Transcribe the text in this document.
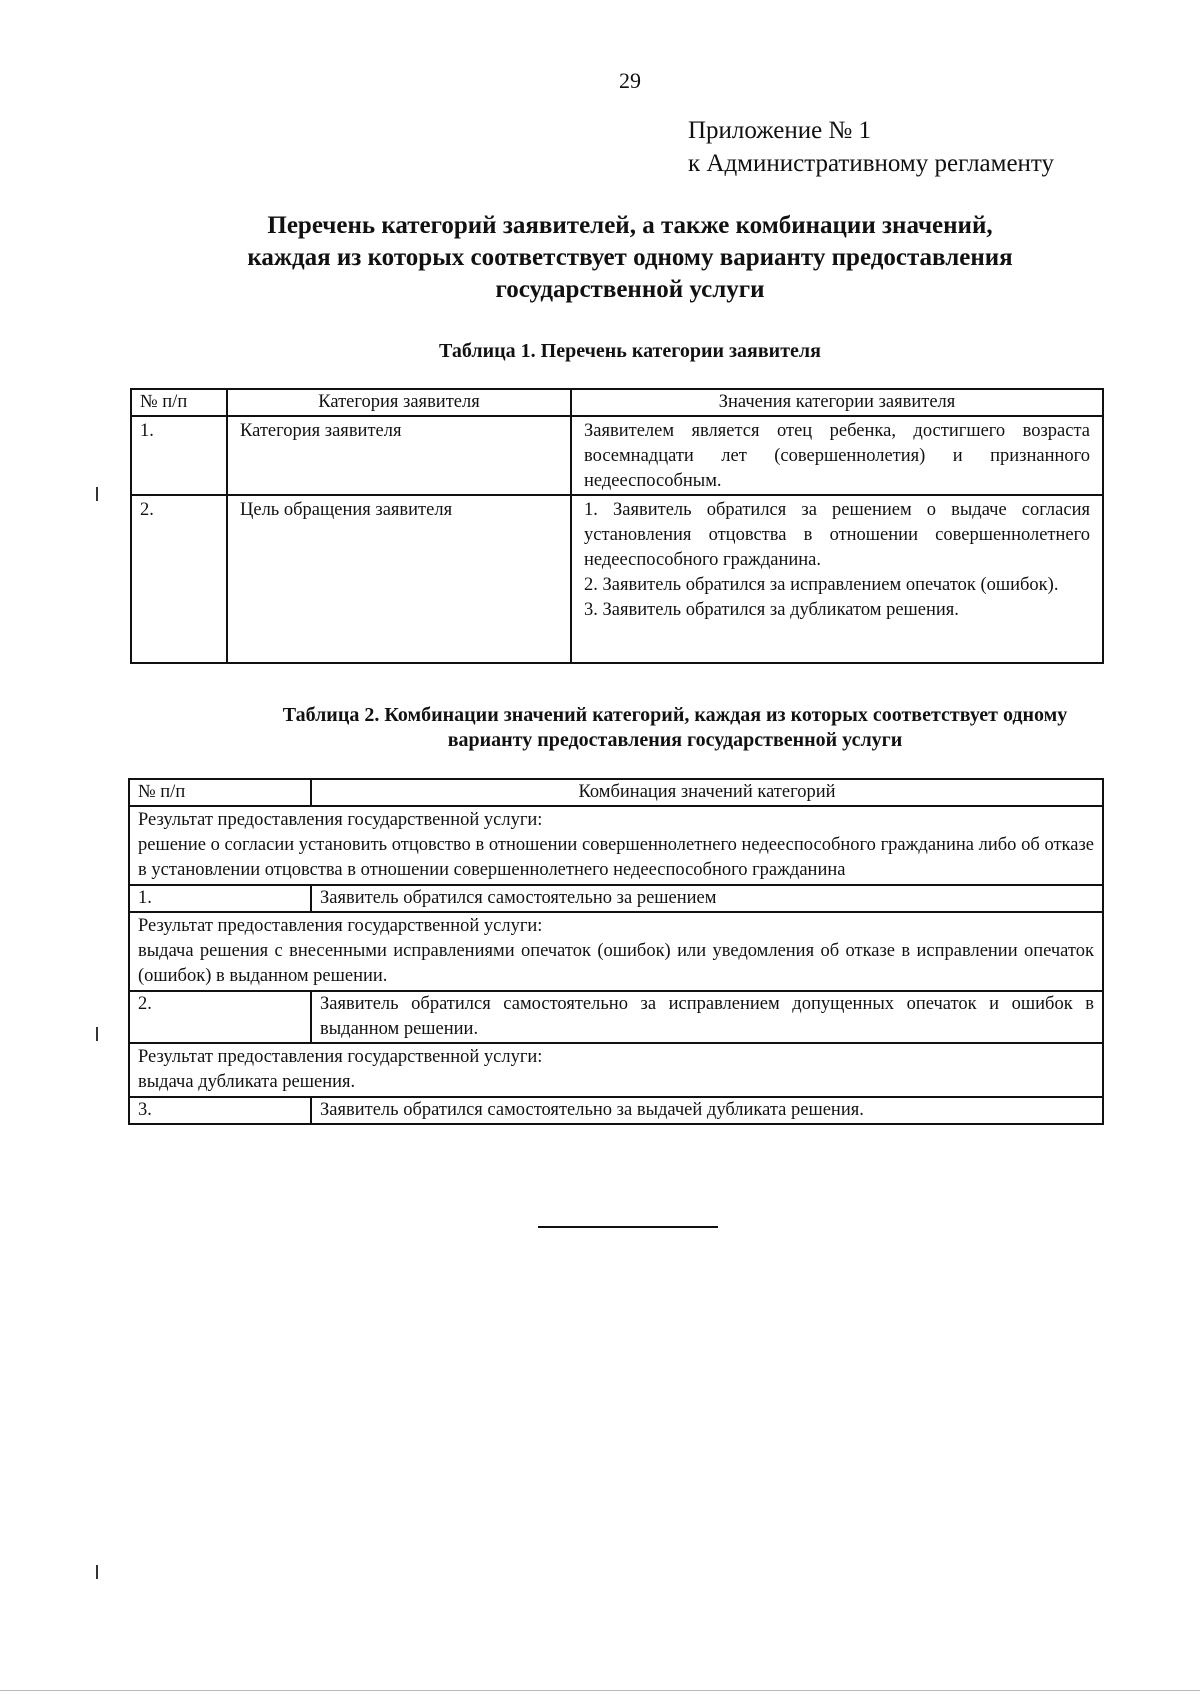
29
Приложение № 1
к Административному регламенту
Перечень категорий заявителей, а также комбинации значений,
каждая из которых соответствует одному варианту предоставления
государственной услуги
Таблица 1. Перечень категории заявителя
№ п/п	Категория заявителя	Значения категории заявителя
1.	Категория заявителя	Заявителем является отец ребенка, достигшего возраста восемнадцати лет (совершеннолетия) и признанного недееспособным.

2.	Цель обращения заявителя	1. Заявитель обратился за решением о выдаче согласия установления отцовства в отношении совершеннолетнего недееспособного гражданина.
2. Заявитель обратился за исправлением опечаток (ошибок).
3. Заявитель обратился за дубликатом решения.
Таблица 2. Комбинации значений категорий, каждая из которых соответствует одному
варианту предоставления государственной услуги
№ п/п	Комбинация значений категорий
Результат предоставления государственной услуги:
решение о согласии установить отцовство в отношении совершеннолетнего недееспособного гражданина либо об отказе в установлении отцовства в отношении совершеннолетнего недееспособного гражданина	
1.	Заявитель обратился самостоятельно за решением
Результат предоставления государственной услуги:
выдача решения с внесенными исправлениями опечаток (ошибок) или уведомления об отказе в исправлении опечаток (ошибок) в выданном решении.	
2.	Заявитель обратился самостоятельно за исправлением допущенных опечаток и ошибок в выданном решении.
Результат предоставления государственной услуги:
выдача дубликата решения.	
3.	Заявитель обратился самостоятельно за выдачей дубликата решения.
